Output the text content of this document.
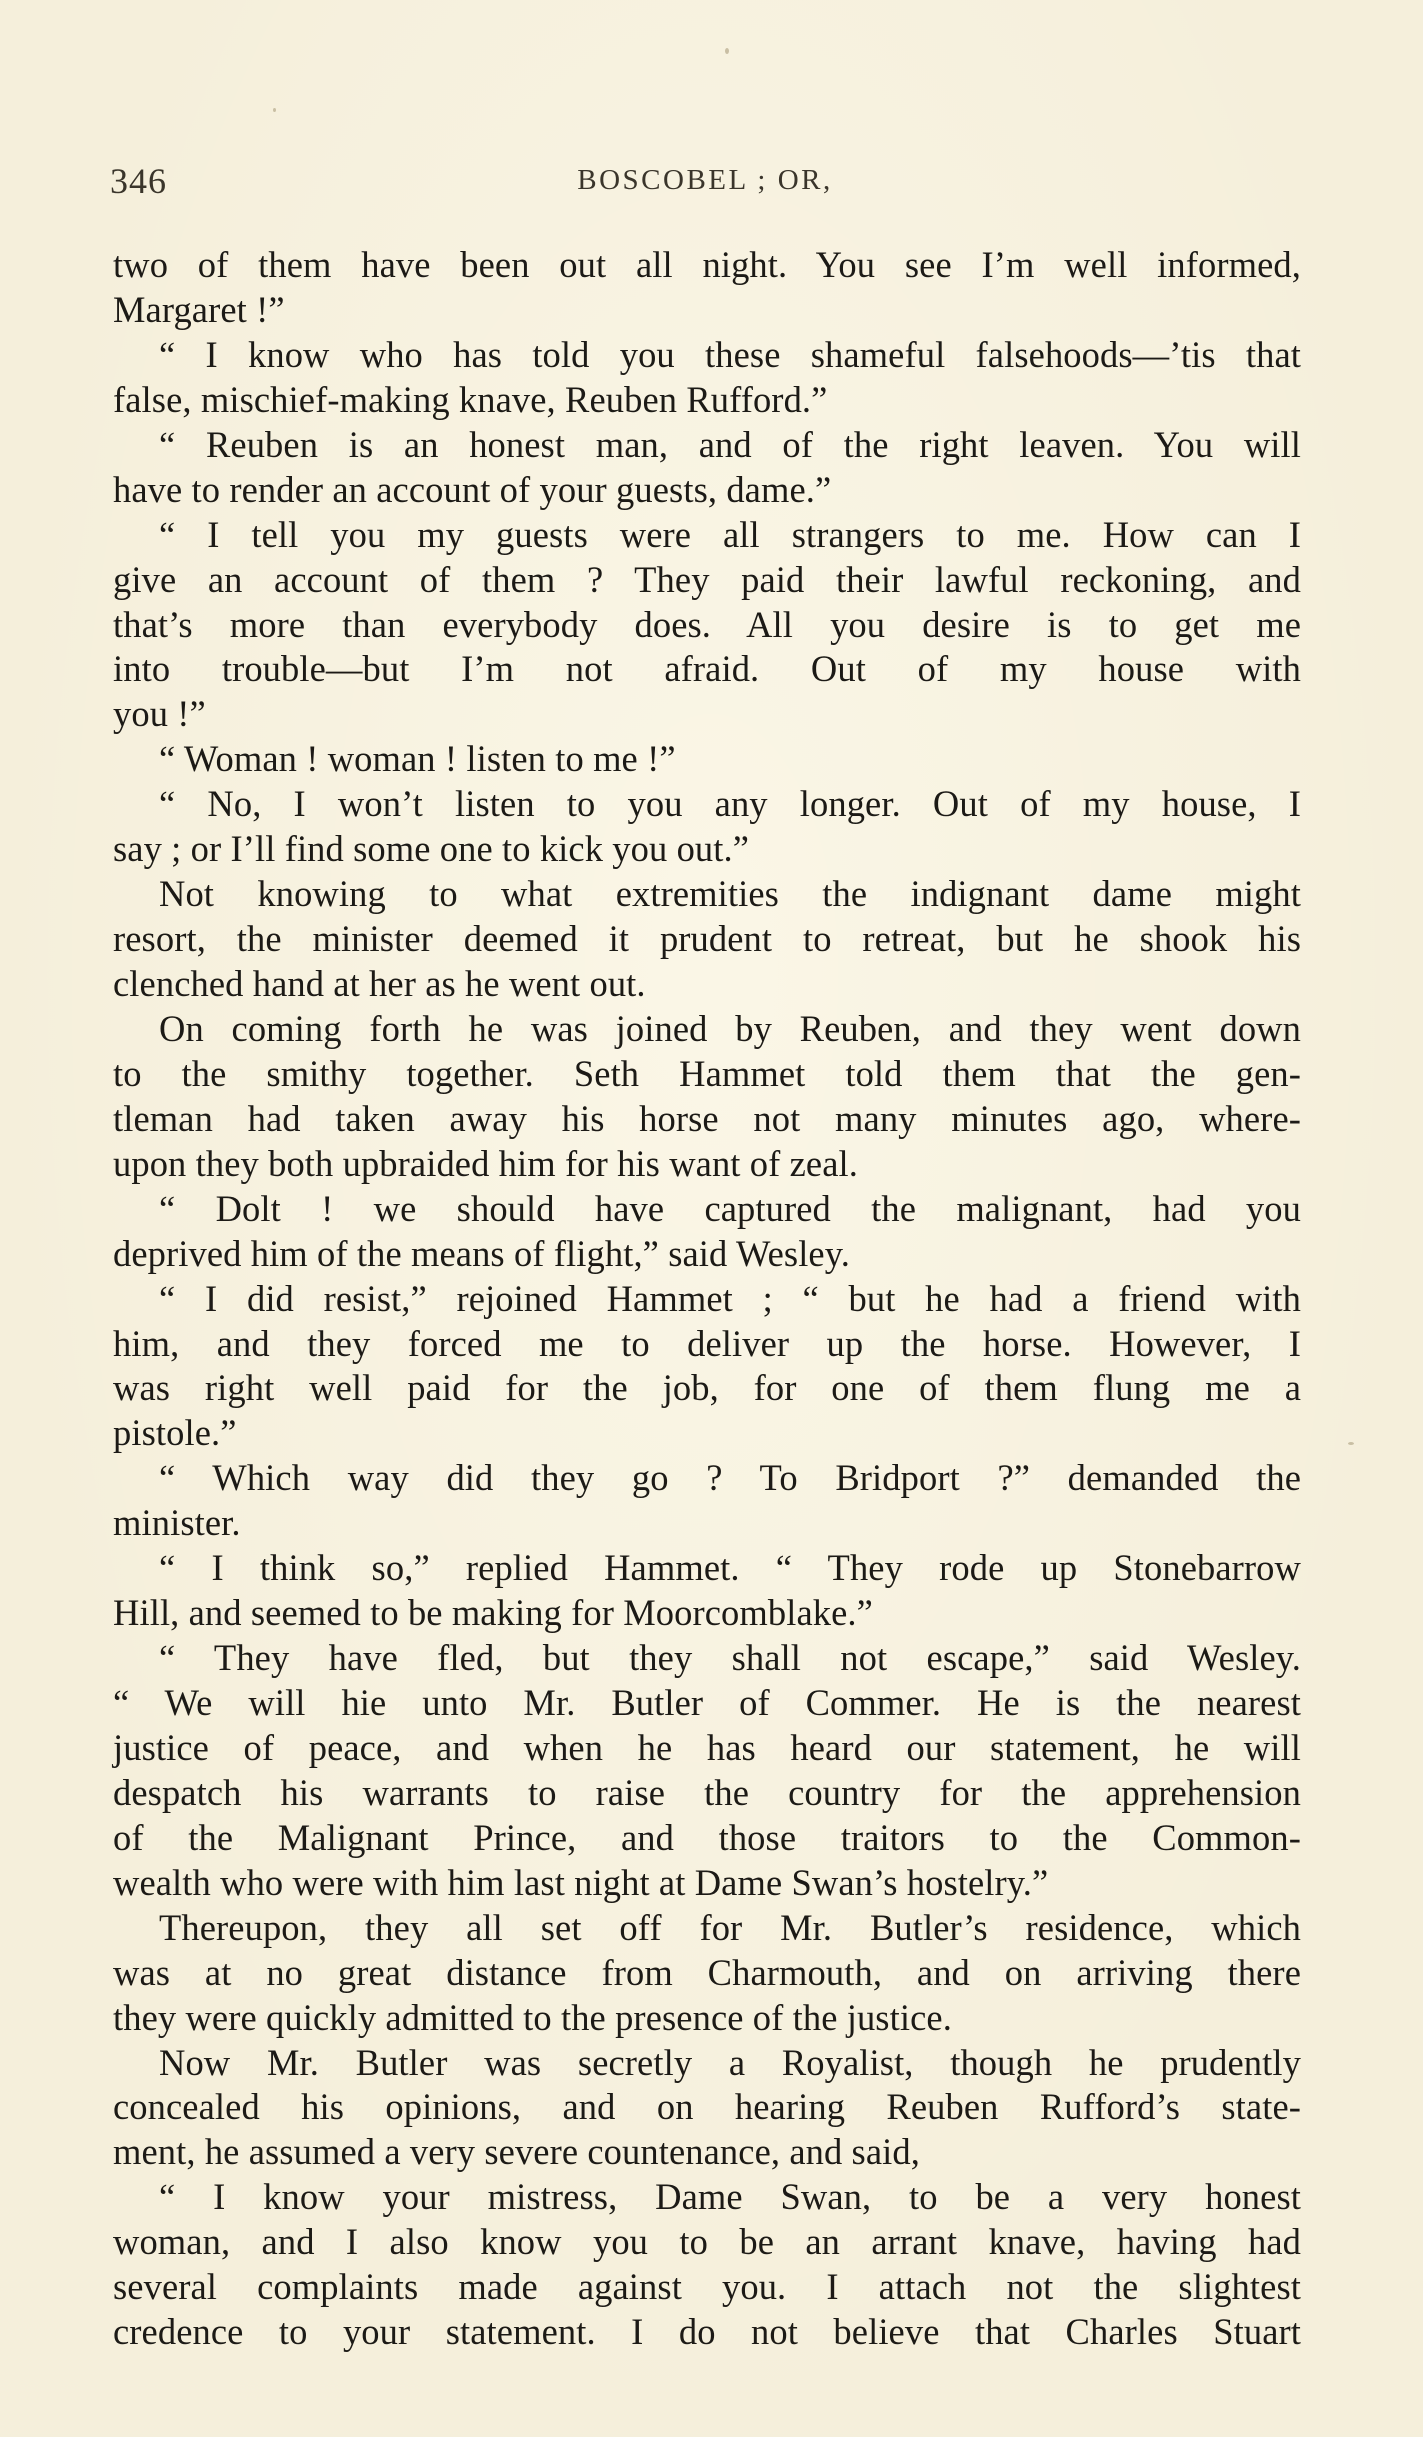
346	BOSCOBEL ; OR,
two of them have been out all night. You see I’m well informed,
Margaret !”
“ I know who has told you these shameful falsehoods—’tis that
false, mischief-making knave, Reuben Rufford.”
“ Reuben is an honest man, and of the right leaven. You will
have to render an account of your guests, dame.”
“ I tell you my guests were all strangers to me. How can I
give an account of them ? They paid their lawful reckoning, and
that’s more than everybody does. All you desire is to get me
into trouble—but I’m not afraid. Out of my house with
you !”
“ Woman ! woman ! listen to me !”
“ No, I won’t listen to you any longer. Out of my house, I
say ; or I’ll find some one to kick you out.”
Not knowing to what extremities the indignant dame might
resort, the minister deemed it prudent to retreat, but he shook his
clenched hand at her as he went out.
On coming forth he was joined by Reuben, and they went down
to the smithy together. Seth Hammet told them that the gen-
tleman had taken away his horse not many minutes ago, where-
upon they both upbraided him for his want of zeal.
“ Dolt ! we should have captured the malignant, had you
deprived him of the means of flight,” said Wesley.
“ I did resist,” rejoined Hammet ; “ but he had a friend with
him, and they forced me to deliver up the horse. However, I
was right well paid for the job, for one of them flung me a
pistole.”
“ Which way did they go ? To Bridport ?” demanded the
minister.
“ I think so,” replied Hammet. “ They rode up Stonebarrow
Hill, and seemed to be making for Moorcomblake.”
“ They have fled, but they shall not escape,” said Wesley.
“ We will hie unto Mr. Butler of Commer. He is the nearest
justice of peace, and when he has heard our statement, he will
despatch his warrants to raise the country for the apprehension
of the Malignant Prince, and those traitors to the Common-
wealth who were with him last night at Dame Swan’s hostelry.”
Thereupon, they all set off for Mr. Butler’s residence, which
was at no great distance from Charmouth, and on arriving there
they were quickly admitted to the presence of the justice.
Now Mr. Butler was secretly a Royalist, though he prudently
concealed his opinions, and on hearing Reuben Rufford’s state-
ment, he assumed a very severe countenance, and said,
“ I know your mistress, Dame Swan, to be a very honest
woman, and I also know you to be an arrant knave, having had
several complaints made against you. I attach not the slightest
credence to your statement. I do not believe that Charles Stuart
